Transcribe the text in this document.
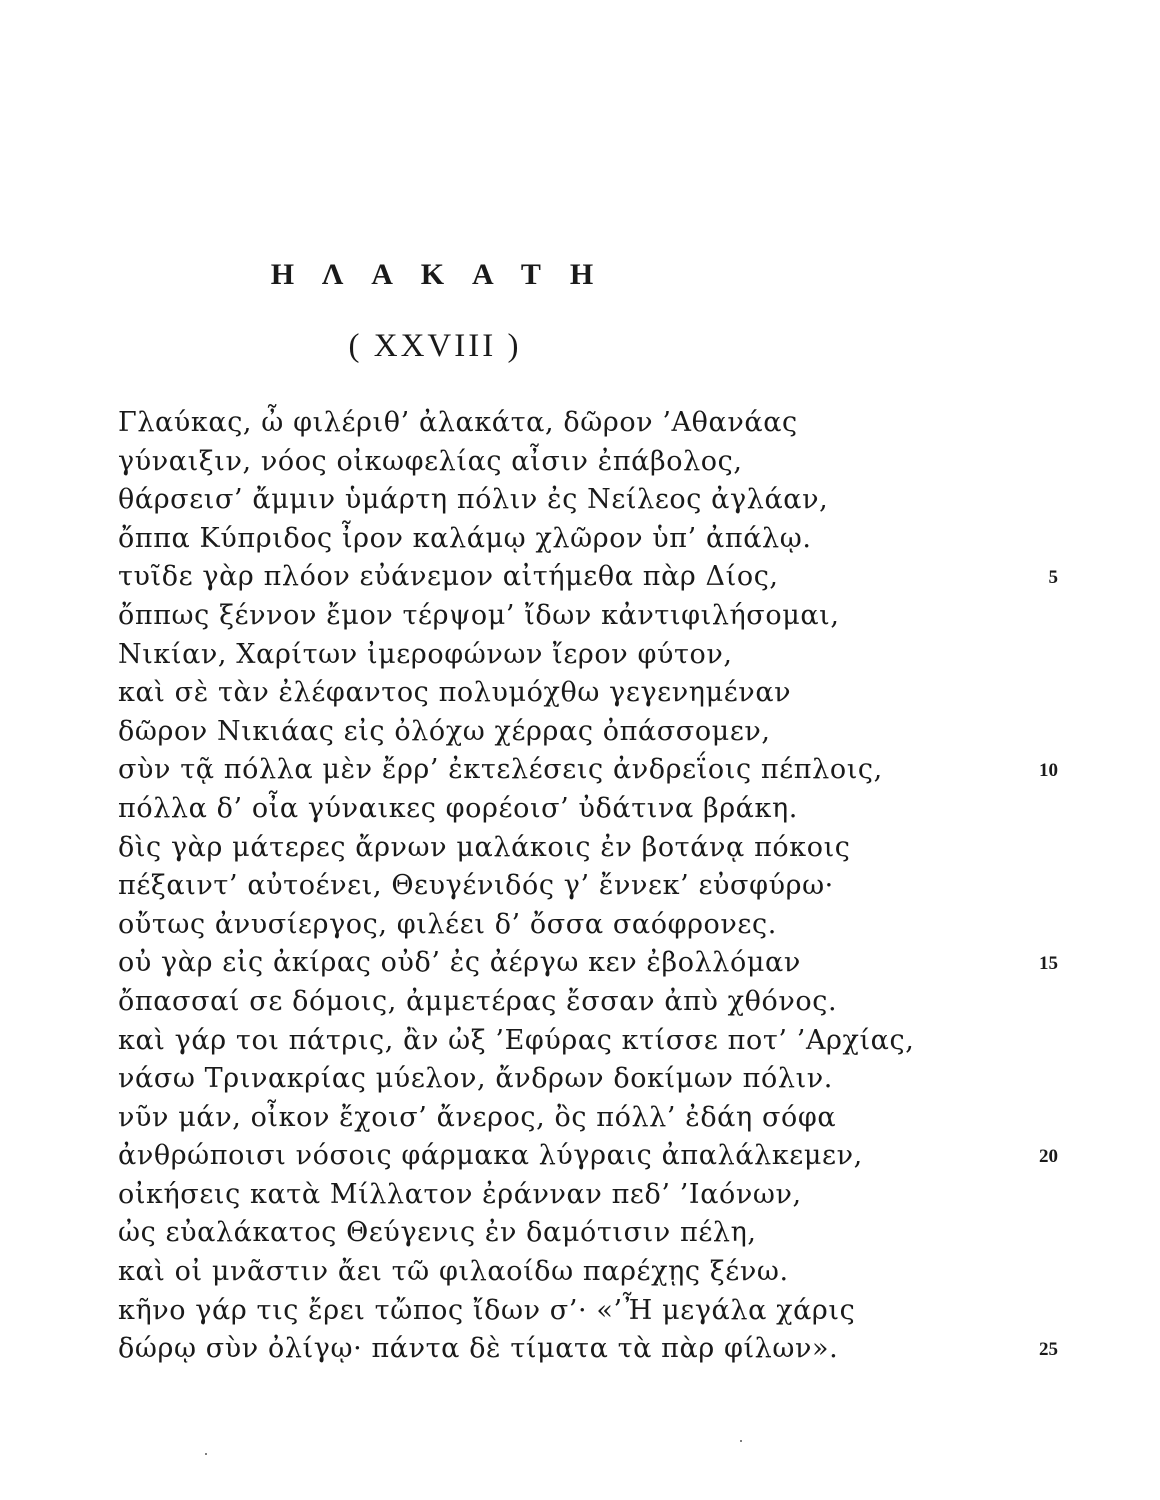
Η Λ Α Κ Α Τ Η
( XXVIII )
Γλαύκας, ὦ φιλέριθ’ ἀλακάτα, δῶρον ’Αθανάας
γύναιξιν, νόος οἰκωφελίας αἶσιν ἐπάβολος,
θάρσεισ’ ἄμμιν ὑμάρτη πόλιν ἐς Νείλεος ἀγλάαν,
ὄππα Κύπριδος ἶρον καλάμῳ χλῶρον ὑπ’ ἀπάλῳ.
τυῖδε γὰρ πλόον εὐάνεμον αἰτήμεθα πὰρ Δίος,	5
ὄππως ξέννον ἔμον τέρψομ’ ἴδων κἀντιφιλήσομαι,
Νικίαν, Χαρίτων ἰμεροφώνων ἴερον φύτον,
καὶ σὲ τὰν ἐλέφαντος πολυμόχθω γεγενημέναν
δῶρον Νικιάας εἰς ὀλόχω χέρρας ὀπάσσομεν,
σὺν τᾷ πόλλα μὲν ἔρρ’ ἐκτελέσεις ἀνδρεΐοις πέπλοις,	10
πόλλα δ’ οἶα γύναικες φορέοισ’ ὐδάτινα βράκη.
δὶς γὰρ μάτερες ἄρνων μαλάκοις ἐν βοτάνᾳ πόκοις
πέξαιντ’ αὐτοένει, Θευγένιδός γ’ ἔννεκ’ εὐσφύρω·
οὔτως ἀνυσίεργος, φιλέει δ’ ὄσσα σαόφρονες.
οὐ γὰρ εἰς ἀκίρας οὐδ’ ἐς ἀέργω κεν ἐβολλόμαν	15
ὄπασσαί σε δόμοις, ἀμμετέρας ἔσσαν ἀπὺ χθόνος.
καὶ γάρ τοι πάτρις, ἂν ὠξ ’Εφύρας κτίσσε ποτ’ ’Αρχίας,
νάσω Τρινακρίας μύελον, ἄνδρων δοκίμων πόλιν.
νῦν μάν, οἶκον ἔχοισ’ ἄνερος, ὂς πόλλ’ ἐδάη σόφα
ἀνθρώποισι νόσοις φάρμακα λύγραις ἀπαλάλκεμεν,	20
οἰκήσεις κατὰ Μίλλατον ἐράνναν πεδ’ ’Ιαόνων,
ὠς εὐαλάκατος Θεύγενις ἐν δαμότισιν πέλη,
καὶ οἰ μνᾶστιν ἄει τῶ φιλαοίδω παρέχῃς ξένω.
κῆνο γάρ τις ἔρει τὤπος ἴδων σ’· «’Ἦ μεγάλα χάρις
δώρῳ σὺν ὀλίγῳ· πάντα δὲ τίματα τὰ πὰρ φίλων».	25
